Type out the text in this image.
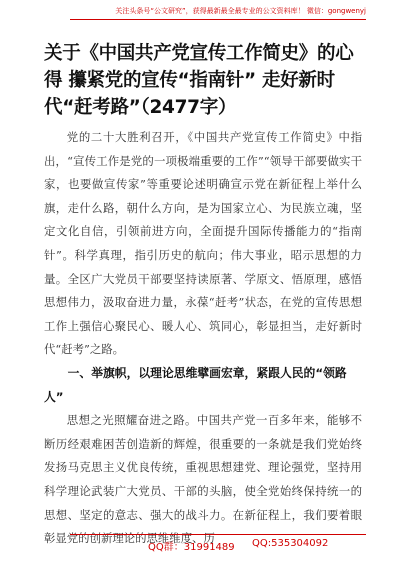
关注头条号“公文研究”，获得最新最全最专业的公文资料库！ 微信：gongwenyj
关于《中国共产党宣传工作简史》的心得 攥紧党的宣传“指南针” 走好新时代“赶考路”（2477字）

党的二十大胜利召开，《中国共产党宣传工作简史》中指出，“宣传工作是党的一项极端重要的工作”“领导干部要做实干家，也要做宣传家”等重要论述明确宣示党在新征程上举什么旗，走什么路，朝什么方向，是为国家立心、为民族立魂，坚定文化自信，引领前进方向，全面提升国际传播能力的“指南针”。科学真理，指引历史的航向；伟大事业，昭示思想的力量。全区广大党员干部要坚持读原著、学原文、悟原理，感悟思想伟力，汲取奋进力量，永葆“赶考”状态，在党的宣传思想工作上强信心聚民心、暖人心、筑同心，彰显担当，走好新时代“赶考”之路。

一、举旗帜，以理论思维擘画宏章，紧跟人民的“领路人”

思想之光照耀奋进之路。中国共产党一百多年来，能够不断历经艰难困苦创造新的辉煌，很重要的一条就是我们党始终发扬马克思主义优良传统，重视思想建党、理论强党，坚持用科学理论武装广大党员、干部的头脑，使全党始终保持统一的思想、坚定的意志、强大的战斗力。在新征程上，我们要着眼彰显党的创新理论的思维维度、历

QQ群：31991489 QQ:535304092
